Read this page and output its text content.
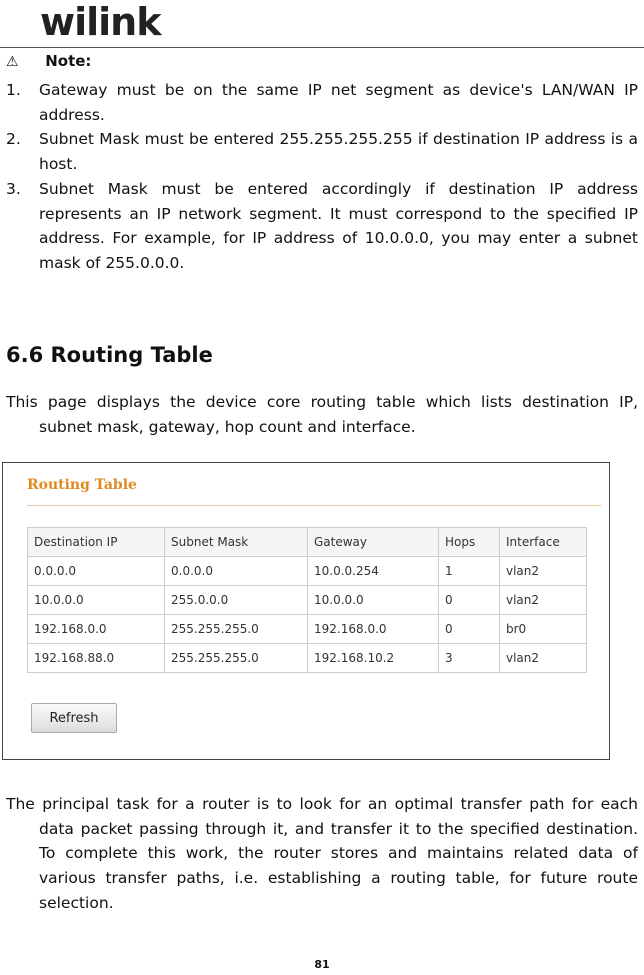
wilink
⚠ Note:
1. Gateway must be on the same IP net segment as device's LAN/WAN IP address.
2. Subnet Mask must be entered 255.255.255.255 if destination IP address is a host.
3. Subnet Mask must be entered accordingly if destination IP address represents an IP network segment. It must correspond to the specified IP address. For example, for IP address of 10.0.0.0, you may enter a subnet mask of 255.0.0.0.
6.6 Routing Table
This page displays the device core routing table which lists destination IP, subnet mask, gateway, hop count and interface.
Routing Table
Destination IP	Subnet Mask	Gateway	Hops	Interface
0.0.0.0	0.0.0.0	10.0.0.254	1	vlan2
10.0.0.0	255.0.0.0	10.0.0.0	0	vlan2
192.168.0.0	255.255.255.0	192.168.0.0	0	br0
192.168.88.0	255.255.255.0	192.168.10.2	3	vlan2
Refresh
The principal task for a router is to look for an optimal transfer path for each data packet passing through it, and transfer it to the specified destination. To complete this work, the router stores and maintains related data of various transfer paths, i.e. establishing a routing table, for future route selection.
81
